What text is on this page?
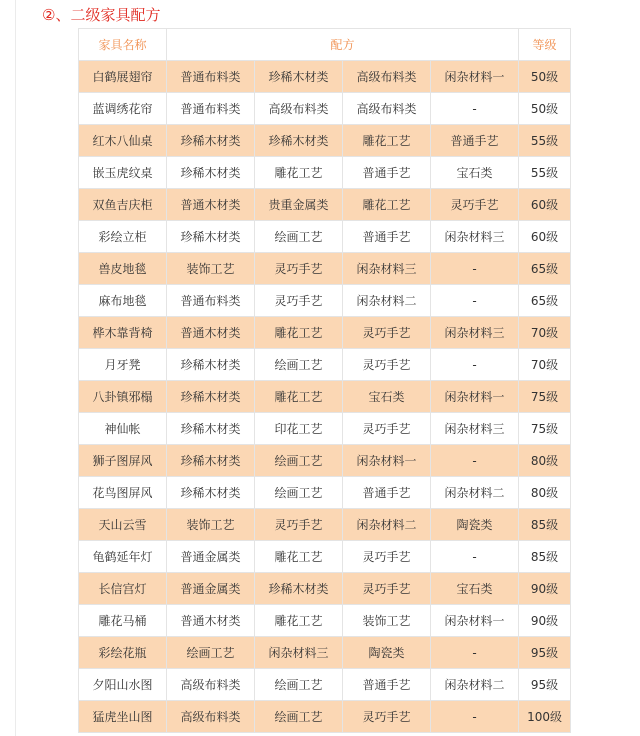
②、二级家具配方
家具名称	配方				等级
白鹤展翅帘	普通布料类	珍稀木材类	高级布料类	闲杂材料一	50级
蓝调绣花帘	普通布料类	高级布料类	高级布料类	-	50级
红木八仙桌	珍稀木材类	珍稀木材类	雕花工艺	普通手艺	55级
嵌玉虎纹桌	珍稀木材类	雕花工艺	普通手艺	宝石类	55级
双鱼吉庆柜	普通木材类	贵重金属类	雕花工艺	灵巧手艺	60级
彩绘立柜	珍稀木材类	绘画工艺	普通手艺	闲杂材料三	60级
兽皮地毯	装饰工艺	灵巧手艺	闲杂材料三	-	65级
麻布地毯	普通布料类	灵巧手艺	闲杂材料二	-	65级
桦木靠背椅	普通木材类	雕花工艺	灵巧手艺	闲杂材料三	70级
月牙凳	珍稀木材类	绘画工艺	灵巧手艺	-	70级
八卦镇邪榻	珍稀木材类	雕花工艺	宝石类	闲杂材料一	75级
神仙帐	珍稀木材类	印花工艺	灵巧手艺	闲杂材料三	75级
狮子图屏风	珍稀木材类	绘画工艺	闲杂材料一	-	80级
花鸟图屏风	珍稀木材类	绘画工艺	普通手艺	闲杂材料二	80级
天山云雪	装饰工艺	灵巧手艺	闲杂材料二	陶瓷类	85级
龟鹤延年灯	普通金属类	雕花工艺	灵巧手艺	-	85级
长信宫灯	普通金属类	珍稀木材类	灵巧手艺	宝石类	90级
雕花马桶	普通木材类	雕花工艺	装饰工艺	闲杂材料一	90级
彩绘花瓶	绘画工艺	闲杂材料三	陶瓷类	-	95级
夕阳山水图	高级布料类	绘画工艺	普通手艺	闲杂材料二	95级
猛虎坐山图	高级布料类	绘画工艺	灵巧手艺	-	100级
